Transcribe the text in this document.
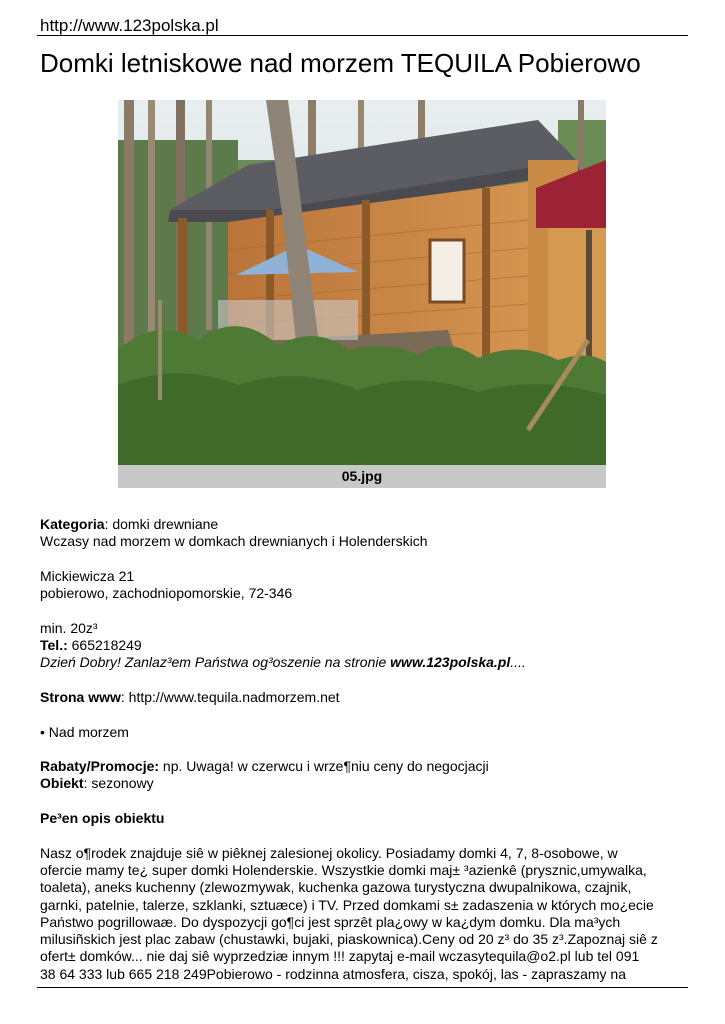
http://www.123polska.pl
Domki letniskowe nad morzem TEQUILA Pobierowo
05.jpg

Kategoria: domki drewniane

Wczasy nad morzem w domkach drewnianych i Holenderskich

Mickiewicza 21

pobierowo, zachodniopomorskie, 72-346

min. 20z³

Tel.: 665218249

Dzień Dobry! Zanlaz³em Państwa og³oszenie na stronie www.123polska.pl....

Strona www: http://www.tequila.nadmorzem.net

• Nad morzem

Rabaty/Promocje: np. Uwaga! w czerwcu i wrze¶niu ceny do negocjacji

Obiekt: sezonowy

Pe³en opis obiektu

Nasz o¶rodek znajduje siê w piêknej zalesionej okolicy. Posiadamy domki 4, 7, 8-osobowe, w

ofercie mamy te¿ super domki Holenderskie. Wszystkie domki maj± ³azienkê (prysznic,umywalka,

toaleta), aneks kuchenny (zlewozmywak, kuchenka gazowa turystyczna dwupalnikowa, czajnik,

garnki, patelnie, talerze, szklanki, sztuæce) i TV. Przed domkami s± zadaszenia w których mo¿ecie

Państwo pogrillowaæ. Do dyspozycji go¶ci jest sprzêt pla¿owy w ka¿dym domku. Dla ma³ych

milusiñskich jest plac zabaw (chustawki, bujaki, piaskownica).Ceny od 20 z³ do 35 z³.Zapoznaj siê z

ofert± domków... nie daj siê wyprzedziæ innym !!! zapytaj e-mail wczasytequila@o2.pl lub tel 091

38 64 333 lub 665 218 249Pobierowo - rodzinna atmosfera, cisza, spokój, las - zapraszamy na
